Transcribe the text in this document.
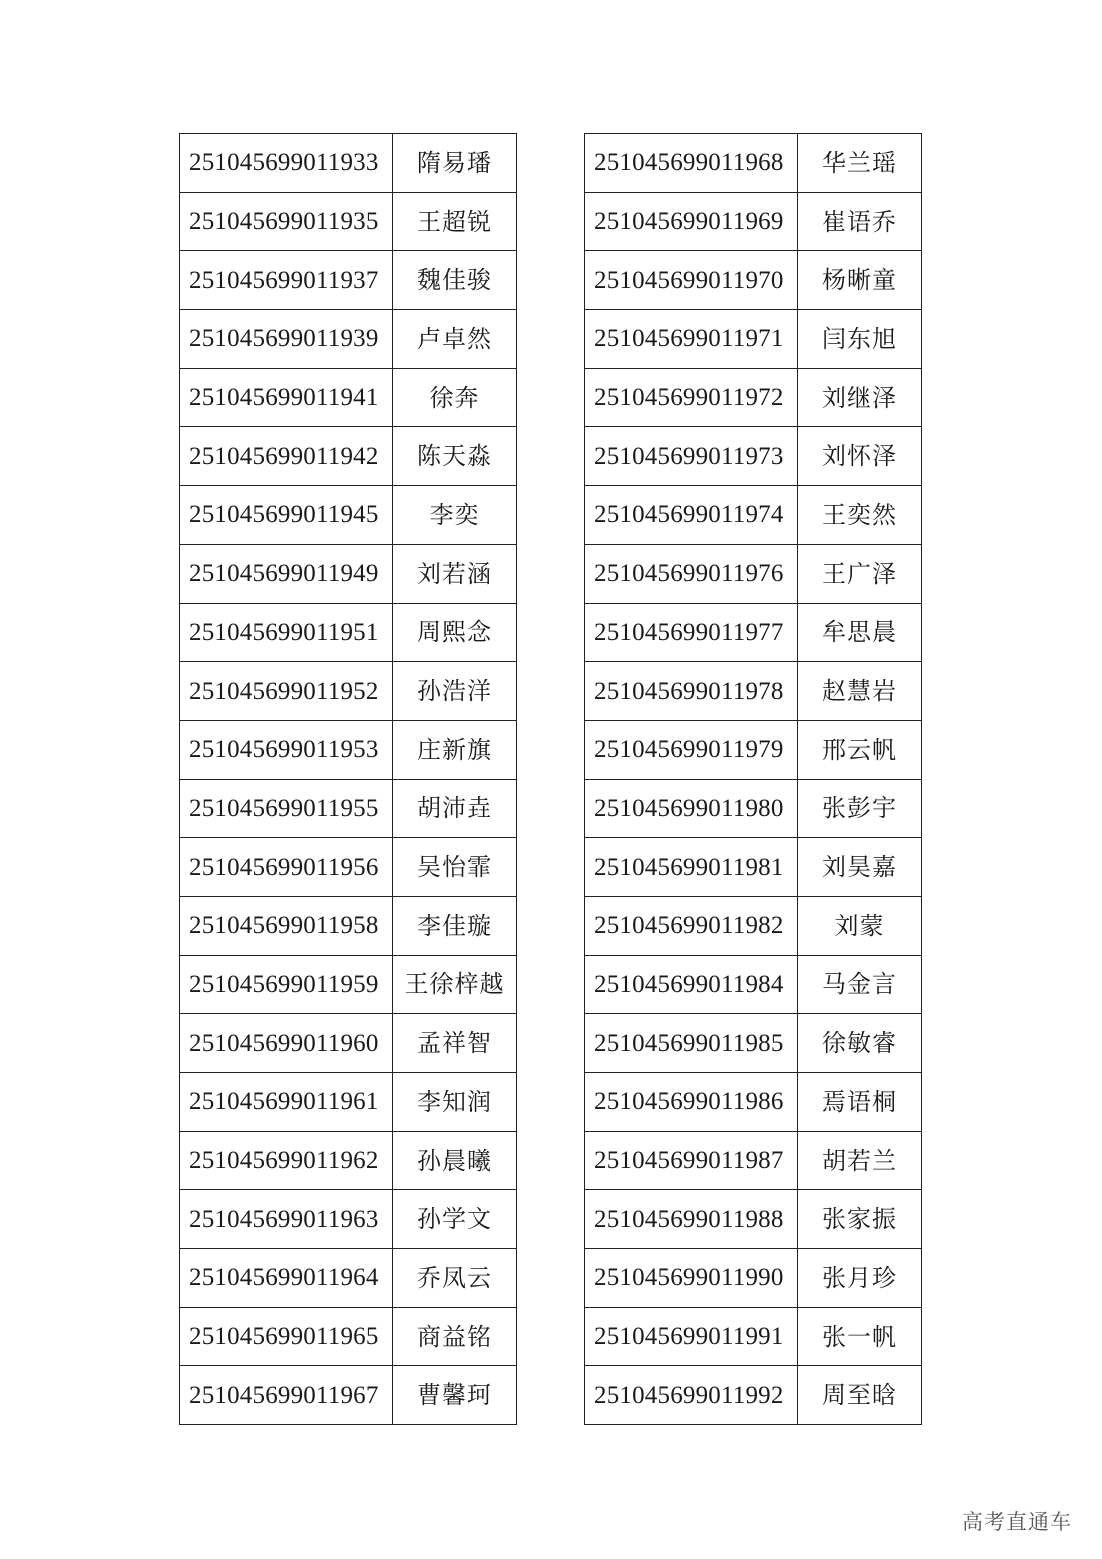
251045699011933	隋易璠
251045699011935	王超锐
251045699011937	魏佳骏
251045699011939	卢卓然
251045699011941	徐奔
251045699011942	陈天淼
251045699011945	李奕
251045699011949	刘若涵
251045699011951	周熙念
251045699011952	孙浩洋
251045699011953	庄新旗
251045699011955	胡沛垚
251045699011956	吴怡霏
251045699011958	李佳璇
251045699011959	王徐梓越
251045699011960	孟祥智
251045699011961	李知润
251045699011962	孙晨曦
251045699011963	孙学文
251045699011964	乔凤云
251045699011965	商益铭
251045699011967	曹馨珂
251045699011968	华兰瑶
251045699011969	崔语乔
251045699011970	杨晰童
251045699011971	闫东旭
251045699011972	刘继泽
251045699011973	刘怀泽
251045699011974	王奕然
251045699011976	王广泽
251045699011977	牟思晨
251045699011978	赵慧岩
251045699011979	邢云帆
251045699011980	张彭宇
251045699011981	刘昊嘉
251045699011982	刘蒙
251045699011984	马金言
251045699011985	徐敏睿
251045699011986	焉语桐
251045699011987	胡若兰
251045699011988	张家振
251045699011990	张月珍
251045699011991	张一帆
251045699011992	周至晗
高考直通车
